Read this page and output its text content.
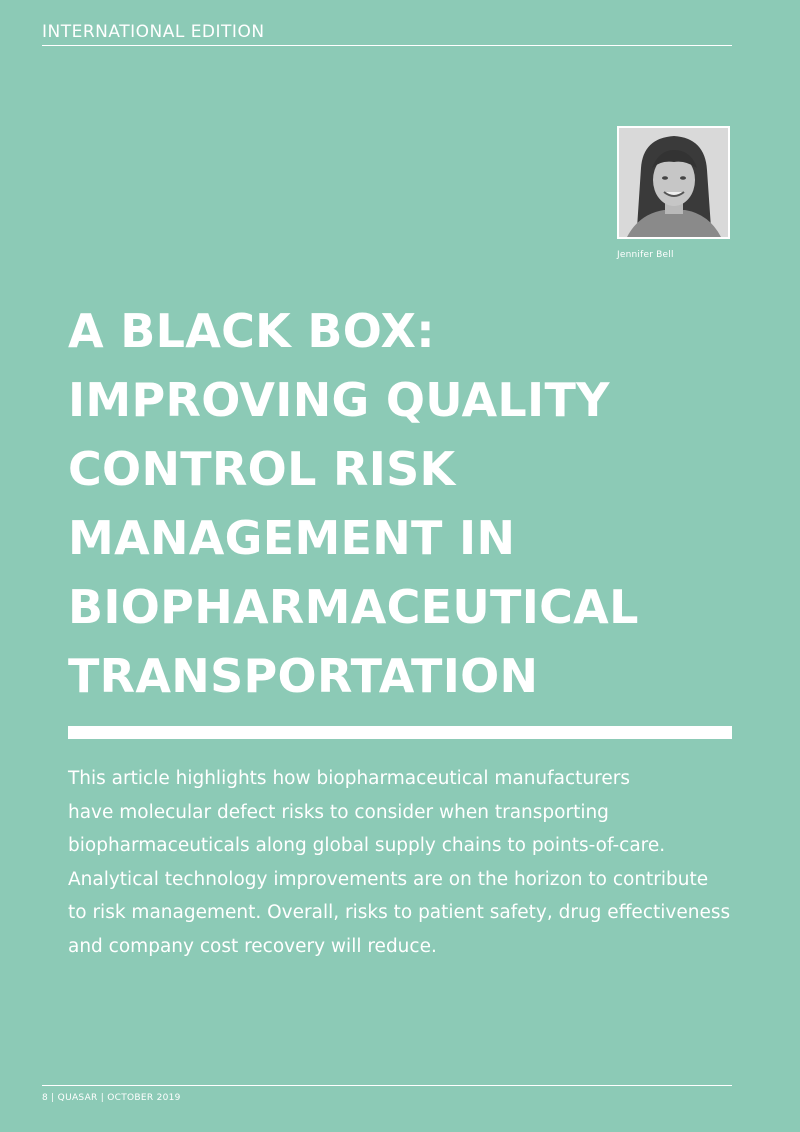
INTERNATIONAL EDITION
Jennifer Bell
A BLACK BOX:
IMPROVING QUALITY
CONTROL RISK
MANAGEMENT IN
BIOPHARMACEUTICAL
TRANSPORTATION

This article highlights how biopharmaceutical manufacturers
have molecular defect risks to consider when transporting
biopharmaceuticals along global supply chains to points-of-care.
Analytical technology improvements are on the horizon to contribute
to risk management. Overall, risks to patient safety, drug effectiveness
and company cost recovery will reduce.

8 | QUASAR | OCTOBER 2019
